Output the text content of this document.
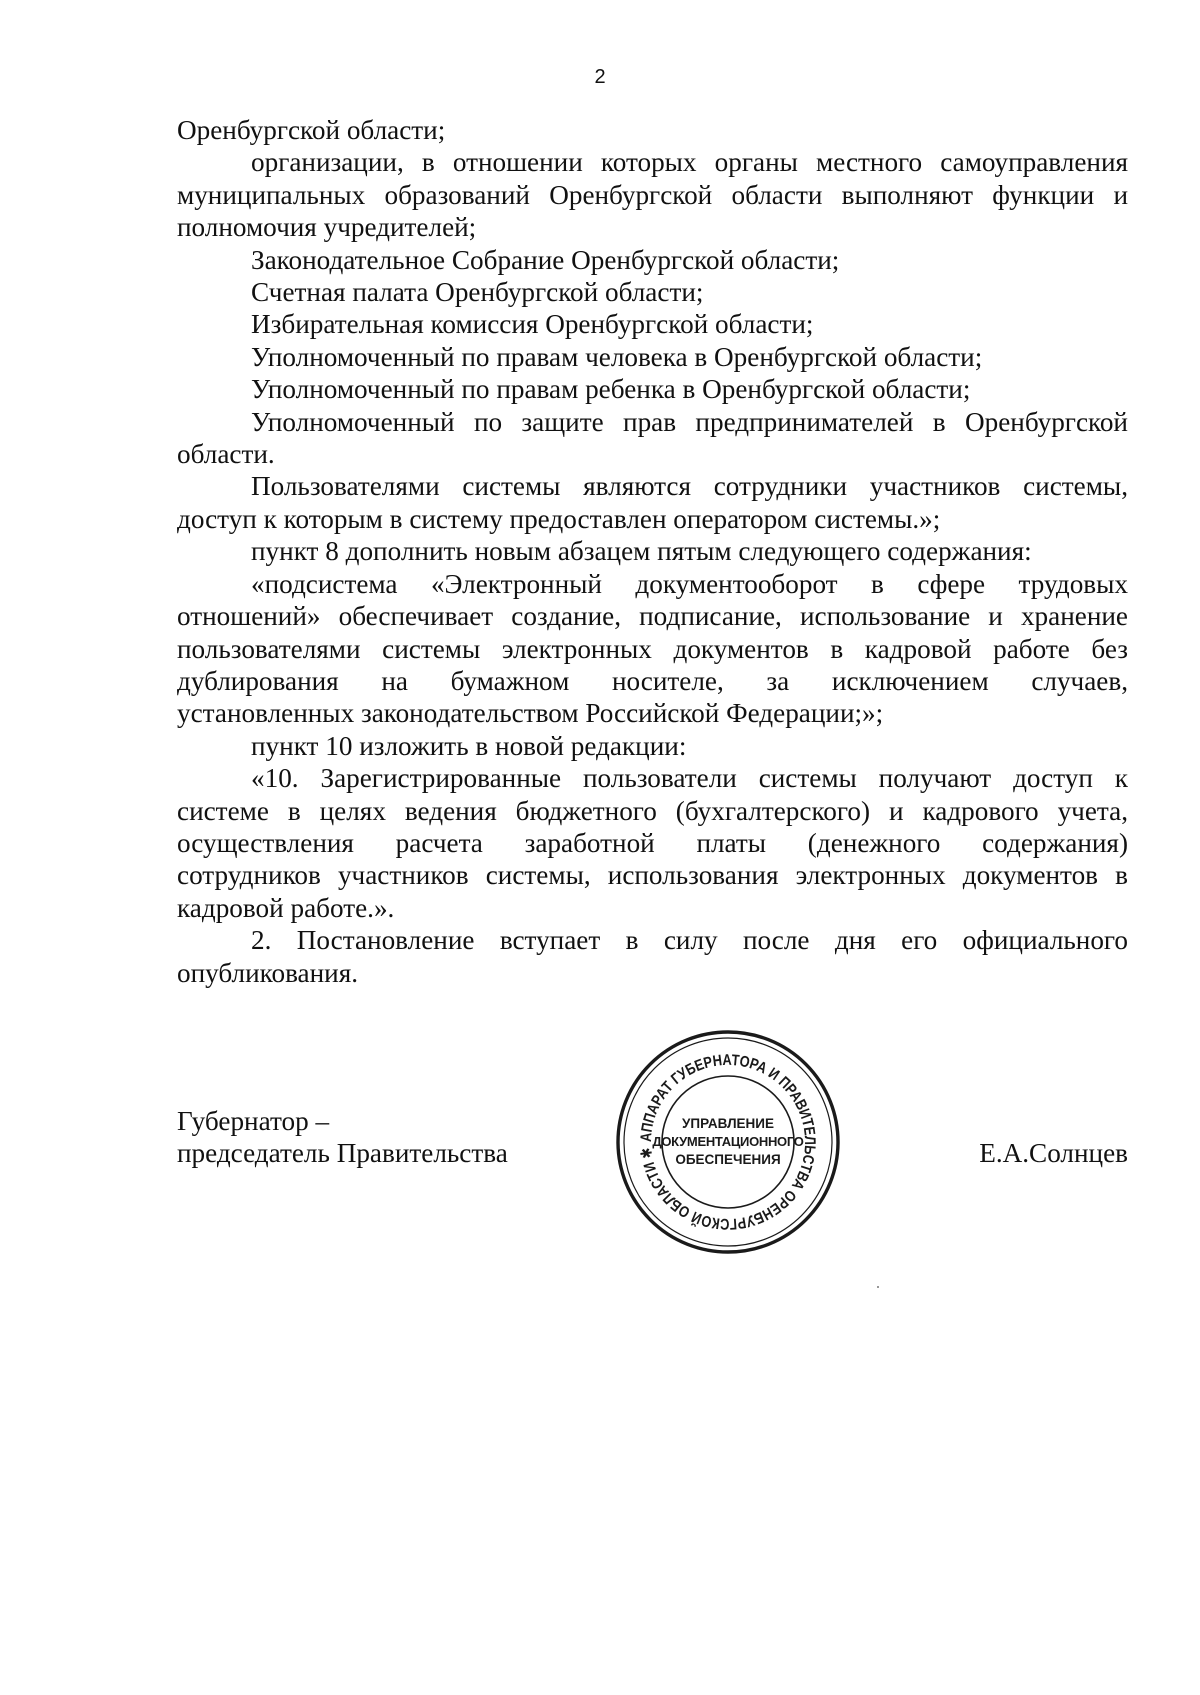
2

Оренбургской области;

организации, в отношении которых органы местного самоуправления

муниципальных образований Оренбургской области выполняют функции и

полномочия учредителей;

Законодательное Собрание Оренбургской области;

Счетная палата Оренбургской области;

Избирательная комиссия Оренбургской области;

Уполномоченный по правам человека в Оренбургской области;

Уполномоченный по правам ребенка в Оренбургской области;

Уполномоченный по защите прав предпринимателей в Оренбургской

области.

Пользователями системы являются сотрудники участников системы,

доступ к которым в систему предоставлен оператором системы.»;

пункт 8 дополнить новым абзацем пятым следующего содержания:

«подсистема «Электронный документооборот в сфере трудовых

отношений» обеспечивает создание, подписание, использование и хранение

пользователями системы электронных документов в кадровой работе без

дублирования на бумажном носителе, за исключением случаев,

установленных законодательством Российской Федерации;»;

пункт 10 изложить в новой редакции:

«10. Зарегистрированные пользователи системы получают доступ к

системе в целях ведения бюджетного (бухгалтерского) и кадрового учета,

осуществления расчета заработной платы (денежного содержания)

сотрудников участников системы, использования электронных документов в

кадровой работе.».

2. Постановление вступает в силу после дня его официального

опубликования.

Губернатор –
председатель Правительства
АППАРАТ ГУБЕРНАТОРА И ПРАВИТЕЛЬСТВА ОРЕНБУРГСКОЙ ОБЛАСТИ ✱
УПРАВЛЕНИЕ
ДОКУМЕНТАЦИОННОГО
ОБЕСПЕЧЕНИЯ	Е.А.Солнцев
